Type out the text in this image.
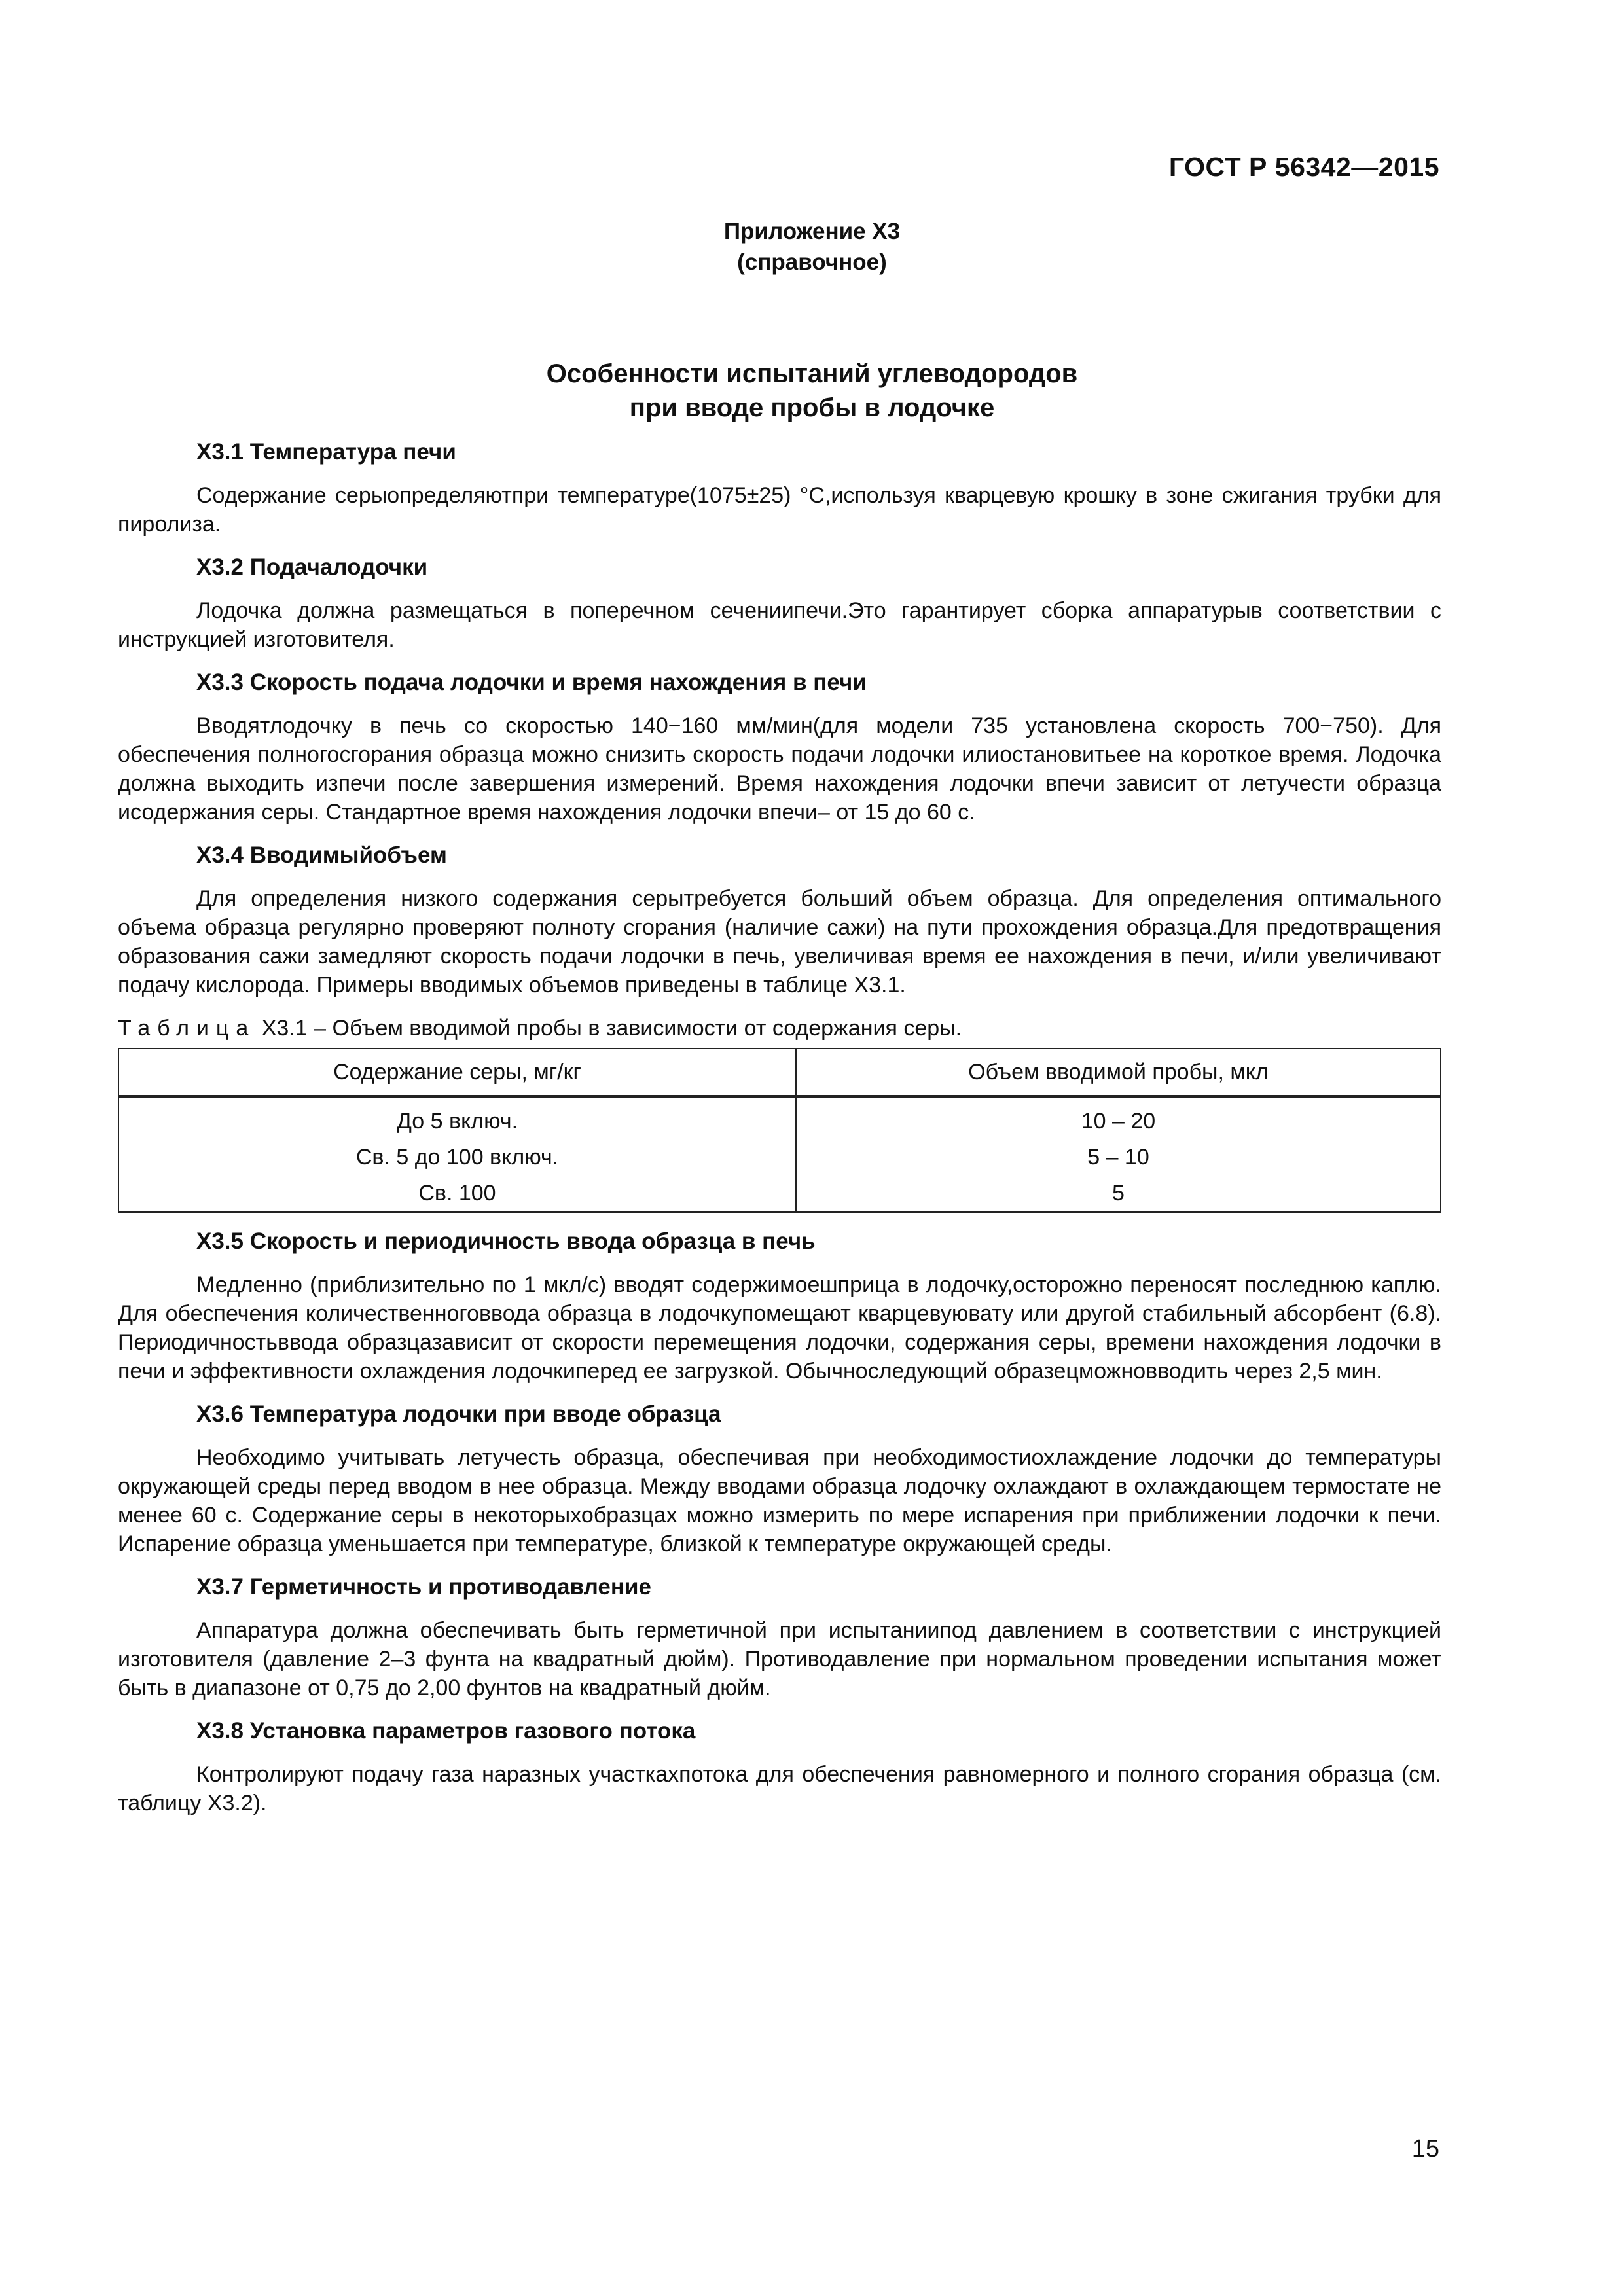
ГОСТ Р 56342—2015
Приложение Х3
(справочное)
Особенности испытаний углеводородов
при вводе пробы в лодочке
Х3.1 Температура печи

Содержание серыопределяютпри температуре(1075±25) °С,используя кварцевую крошку в зоне сжигания трубки для пиролиза.

Х3.2 Подачалодочки

Лодочка должна размещаться в поперечном сечениипечи.Это гарантирует сборка аппаратурыв соответствии с инструкцией изготовителя.

Х3.3 Скорость подача лодочки и время нахождения в печи

Вводятлодочку в печь со скоростью 140−160 мм/мин(для модели 735 установлена скорость 700−750). Для обеспечения полногосгорания образца можно снизить скорость подачи лодочки илиостановитьее на короткое время. Лодочка должна выходить изпечи после завершения измерений. Время нахождения лодочки впечи зависит от летучести образца исодержания серы. Стандартное время нахождения лодочки впечи– от 15 до 60 с.

Х3.4 Вводимыйобъем

Для определения низкого содержания серытребуется больший объем образца. Для определения оптимального объема образца регулярно проверяют полноту сгорания (наличие сажи) на пути прохождения образца.Для предотвращения образования сажи замедляют скорость подачи лодочки в печь, увеличивая время ее нахождения в печи, и/или увеличивают подачу кислорода. Примеры вводимых объемов приведены в таблице Х3.1.

Таблица Х3.1 – Объем вводимой пробы в зависимости от содержания серы.
Содержание серы, мг/кг	Объем вводимой пробы, мкл
До 5 включ.	10 – 20
Св. 5 до 100 включ.	5 – 10
Св. 100	5
Х3.5 Скорость и периодичность ввода образца в печь

Медленно (приблизительно по 1 мкл/с) вводят содержимоешприца в лодочку,осторожно переносят последнюю каплю. Для обеспечения количественноговвода образца в лодочкупомещают кварцевуювату или другой стабильный абсорбент (6.8). Периодичностьввода образцазависит от скорости перемещения лодочки, содержания серы, времени нахождения лодочки в печи и эффективности охлаждения лодочкиперед ее загрузкой. Обычноследующий образецможновводить через 2,5 мин.

Х3.6 Температура лодочки при вводе образца

Необходимо учитывать летучесть образца, обеспечивая при необходимостиохлаждение лодочки до температуры окружающей среды перед вводом в нее образца. Между вводами образца лодочку охлаждают в охлаждающем термостате не менее 60 с. Содержание серы в некоторыхобразцах можно измерить по мере испарения при приближении лодочки к печи. Испарение образца уменьшается при температуре, близкой к температуре окружающей среды.

Х3.7 Герметичность и противодавление

Аппаратура должна обеспечивать быть герметичной при испытаниипод давлением в соответствии с инструкцией изготовителя (давление 2–3 фунта на квадратный дюйм). Противодавление при нормальном проведении испытания может быть в диапазоне от 0,75 до 2,00 фунтов на квадратный дюйм.

Х3.8 Установка параметров газового потока

Контролируют подачу газа наразных участкахпотока для обеспечения равномерного и полного сгорания образца (см. таблицу Х3.2).

15
